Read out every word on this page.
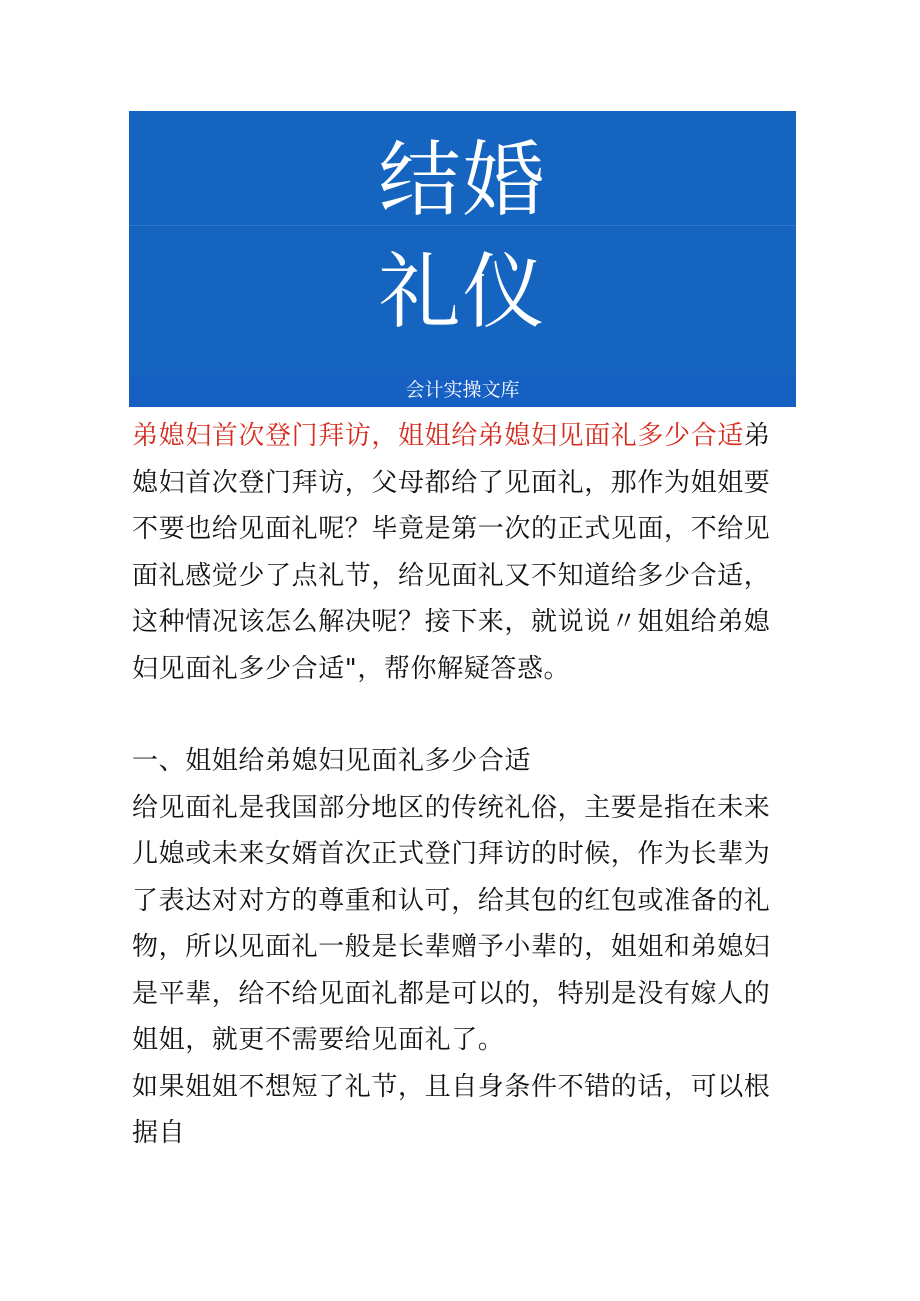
结婚
礼仪
会计实操文库

弟媳妇首次登门拜访，姐姐给弟媳妇见面礼多少合适弟媳妇首次登门拜访，父母都给了见面礼，那作为姐姐要不要也给见面礼呢？毕竟是第一次的正式见面，不给见面礼感觉少了点礼节，给见面礼又不知道给多少合适，这种情况该怎么解决呢？接下来，就说说〃姐姐给弟媳妇见面礼多少合适"，帮你解疑答惑。

一、姐姐给弟媳妇见面礼多少合适

给见面礼是我国部分地区的传统礼俗，主要是指在未来儿媳或未来女婿首次正式登门拜访的时候，作为长辈为了表达对对方的尊重和认可，给其包的红包或准备的礼物，所以见面礼一般是长辈赠予小辈的，姐姐和弟媳妇是平辈，给不给见面礼都是可以的，特别是没有嫁人的姐姐，就更不需要给见面礼了。

如果姐姐不想短了礼节，且自身条件不错的话，可以根据自
